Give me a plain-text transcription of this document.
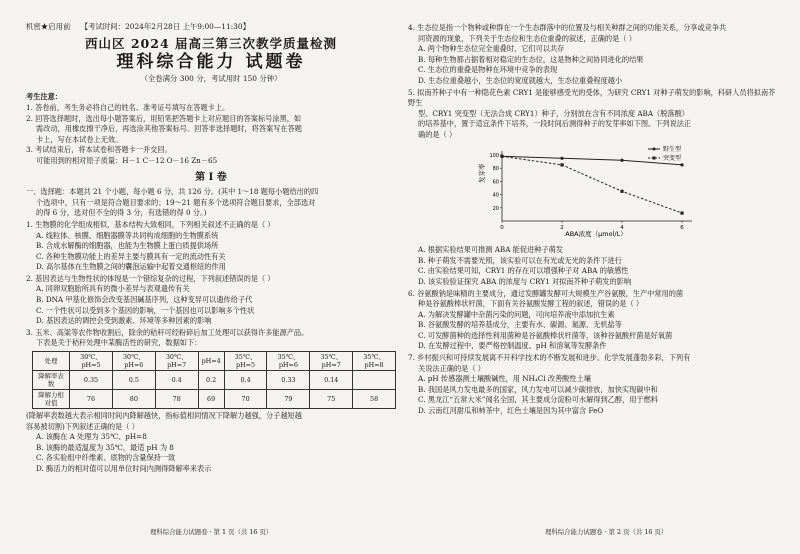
机密★启用前 【考试时间：2024年2月28日 上午9:00—11:30】
西山区 2024 届高三第三次教学质量检测
理科综合能力 试题卷
（全卷满分 300 分，考试用时 150 分钟）

考生注意：

1. 答卷前，考生务必将自己的姓名、准考证号填写在答题卡上。

2. 回答选择题时，选出每小题答案后，用铅笔把答题卡上对应题目的答案标号涂黑，如

需改动，用橡皮擦干净后，再选涂其他答案标号。回答非选择题时，将答案写在答题

卡上，写在本试卷上无效。

3. 考试结束后，将本试卷和答题卡一并交回。

可能用到的相对原子质量：H－1 C－12 O－16 Zn－65

第 Ⅰ 卷

一、选择题：本题共 21 个小题，每小题 6 分，共 126 分。(其中 1～18 题每小题给出的四

个选项中，只有一项是符合题目要求的；19～21 题有多个选项符合题目要求，全部选对

的得 6 分，选对但不全的得 3 分，有选错的得 0 分。)

1. 生物膜的化学组成相似，基本结构大致相同，下列相关叙述不正确的是（ ）

A. 线粒体、核膜、细胞器膜等共同构成细胞的生物膜系统

B. 合成水解酶的细胞器，也能为生物膜上蛋白质提供场所

C. 各种生物膜功能上的差异主要与膜具有一定的流动性有关

D. 高尔基体在生物膜之间的囊泡运输中起着交通枢纽的作用

2. 基因表达与生物性状的体现是一个错综复杂的过程，下列叙述错误的是（ ）

A. 同卵双胞胎所具有的微小差异与表观遗传有关

B. DNA 甲基化修饰会改变基因碱基序列，这种变异可以遗传给子代

C. 一个性状可以受到多个基因的影响，一个基因也可以影响多个性状

D. 基因表达的调控会受到激素、环境等多种因素的影响

3. 玉米、高粱等农作物收割后，除余的秸秆可经粉碎后加工处理可以获得许多能源产品。

下表是关于秸秆处理中某酶活性的研究，数据如下：

处理	30℃、pH=5	30℃、pH=6	30℃、pH=7	pH=4	35℃、pH=5	35℃、pH=6	35℃、pH=7	35℃、pH=8
降解率表数	0.35	0.5	0.4	0.2	0.4	0.33	0.14	
降解力相对值	76	80	78	69	70	79	75	58

(降解率表数越大表示相同时间内降解越快，指标值相同情况下降解力越强，分子越短越

容易被切割)下列叙述正确的是（ ）

A. 该酶在 A 处理为 35℃、pH=8

B. 该酶的最适温度为 35℃，最适 pH 为 8

C. 各实验组中纤维素、底物的含量保持一致

D. 酶活力的相对值可以用单位时间内测得降解率来表示

4. 生态位是指一个物种或种群在一个生态群落中的位置及与相关种群之间的功能关系，分享或竞争共

同资源的现象，下列关于生态位和生态位重叠的叙述，正确的是（ ）

A. 两个物种生态位完全重叠时，它们可以共存

B. 每种生物都占据着相对稳定的生态位，这是物种之间协同进化的结果

C. 生态位的重叠是物种在环境中竞争的表现

D. 生态位重叠越小，生态位的宽度就越大，生态位重叠程度越小

5. 拟南芥种子中有一种隐花色素 CRY1 是能够感受光的受体，为研究 CRY1 对种子萌发的影响，科研人员将拟南芥野生

型、CRY1 突变型（无法合成 CRY1）种子，分别放在含有不同浓度 ABA（脱落酸）

的培养基中，置于适宜条件下培养，一段时间后测得种子的发芽率如下图。下列说法正

确的是（ ）

发芽率
0	2	4	6
100
80
60
40
20
野生型
突变型
ABA浓度（μmol/L）

A. 根据实验结果可推测 ABA 能促进种子萌发

B. 种子萌发不需要光照，该实验可以在有光或无光的条件下进行

C. 由实验结果可知，CRY1 的存在可以增强种子对 ABA 的敏感性

D. 该实验验证探究 ABA 的浓度与 CRY1 对拟南芥种子萌发的影响

6. 谷氨酸钠是味精的主要成分，通过发酵罐发酵可大规模生产谷氨酸，生产中常用的菌

种是谷氨酸棒状杆菌，下面有关谷氨酸发酵工程的叙述，错误的是（ ）

A. 为解决发酵罐中杂菌污染的问题，可向培养液中添加抗生素

B. 谷氨酸发酵的培养基成分，主要有水、碳源、氮源、无机盐等

C. 可发酵菌种的选择性利用菌种是谷氨酸棒状杆菌等，该种谷氨酸杆菌是好氧菌

D. 在发酵过程中，要严格控制温度、pH 和溶氧等发酵条件

7. 乡村振兴和可持续发展离不开科学技术的不断发展和进步。化学发展蓬勃多彩，下列有

关说法正确的是（ ）

A. pH 传感器测土壤酸碱性，用 NH₄Cl 改善酸性土壤

B. 我国是风力发电最多的国家，风力发电可以减少碳排放，加快实现碳中和

C. 黑龙江“五常大米”闻名全国，其主要成分淀粉可水解得到乙醇，用于燃料

D. 云南红河甜瓜和柿茶中，红色土壤是因为其中富含 FeO

理科综合能力试题卷 · 第 1 页（共 16 页）	理科综合能力试题卷 · 第 2 页（共 16 页）
